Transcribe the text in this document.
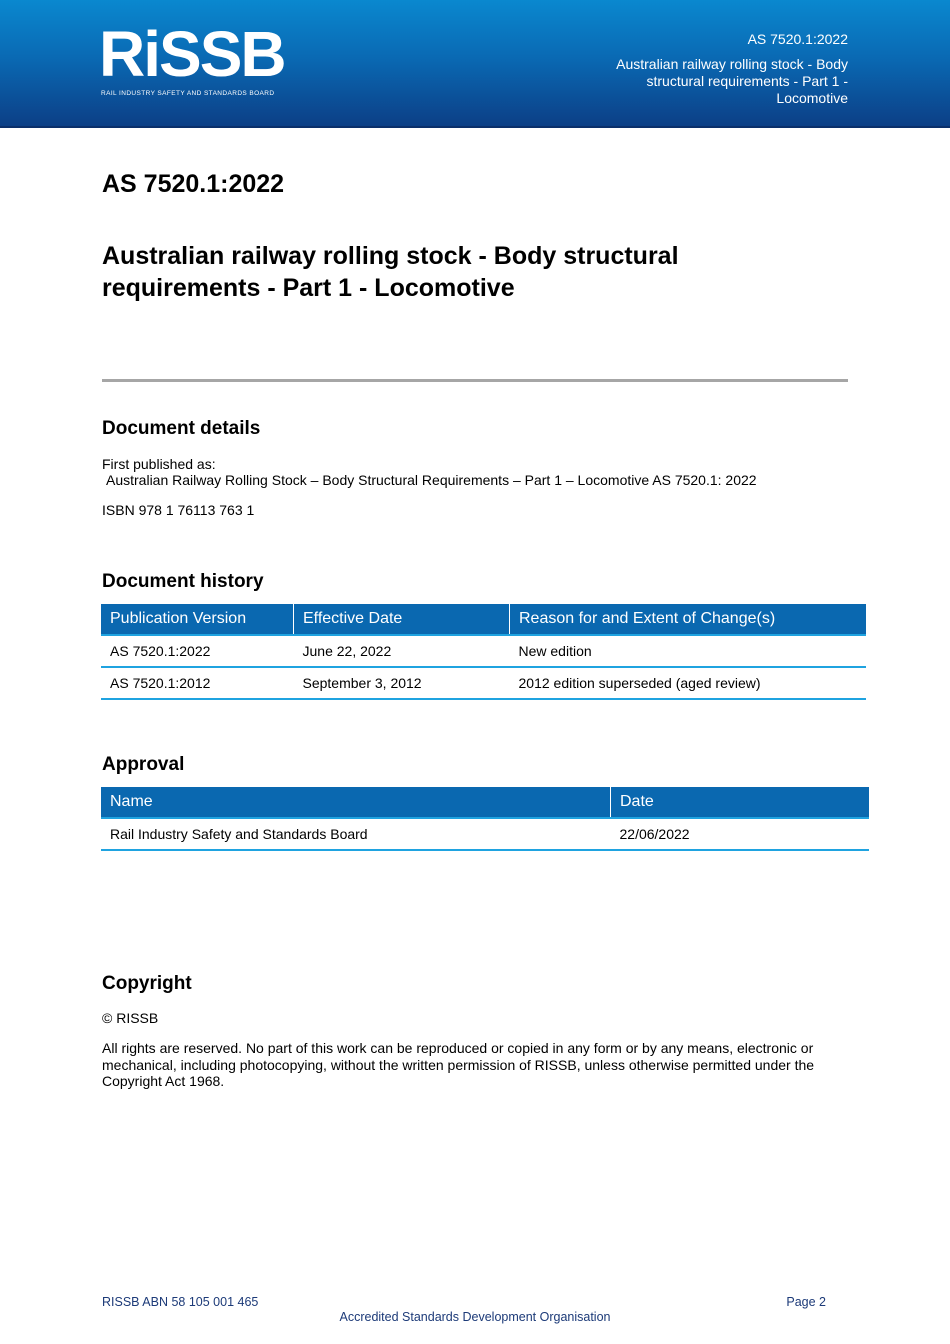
RiSSB
RAIL INDUSTRY SAFETY AND STANDARDS BOARD
AS 7520.1:2022
Australian railway rolling stock - Body structural requirements - Part 1 - Locomotive
AS 7520.1:2022
Australian railway rolling stock - Body structural requirements - Part 1 - Locomotive
Document details
First published as:
Australian Railway Rolling Stock – Body Structural Requirements – Part 1 – Locomotive AS 7520.1: 2022
ISBN 978 1 76113 763 1
Document history
Publication Version	Effective Date	Reason for and Extent of Change(s)
AS 7520.1:2022	June 22, 2022	New edition
AS 7520.1:2012	September 3, 2012	2012 edition superseded (aged review)
Approval
Name	Date
Rail Industry Safety and Standards Board	22/06/2022
Copyright
© RISSB
All rights are reserved. No part of this work can be reproduced or copied in any form or by any means, electronic or mechanical, including photocopying, without the written permission of RISSB, unless otherwise permitted under the Copyright Act 1968.
RISSB ABN 58 105 001 465	Page 2
Accredited Standards Development Organisation
